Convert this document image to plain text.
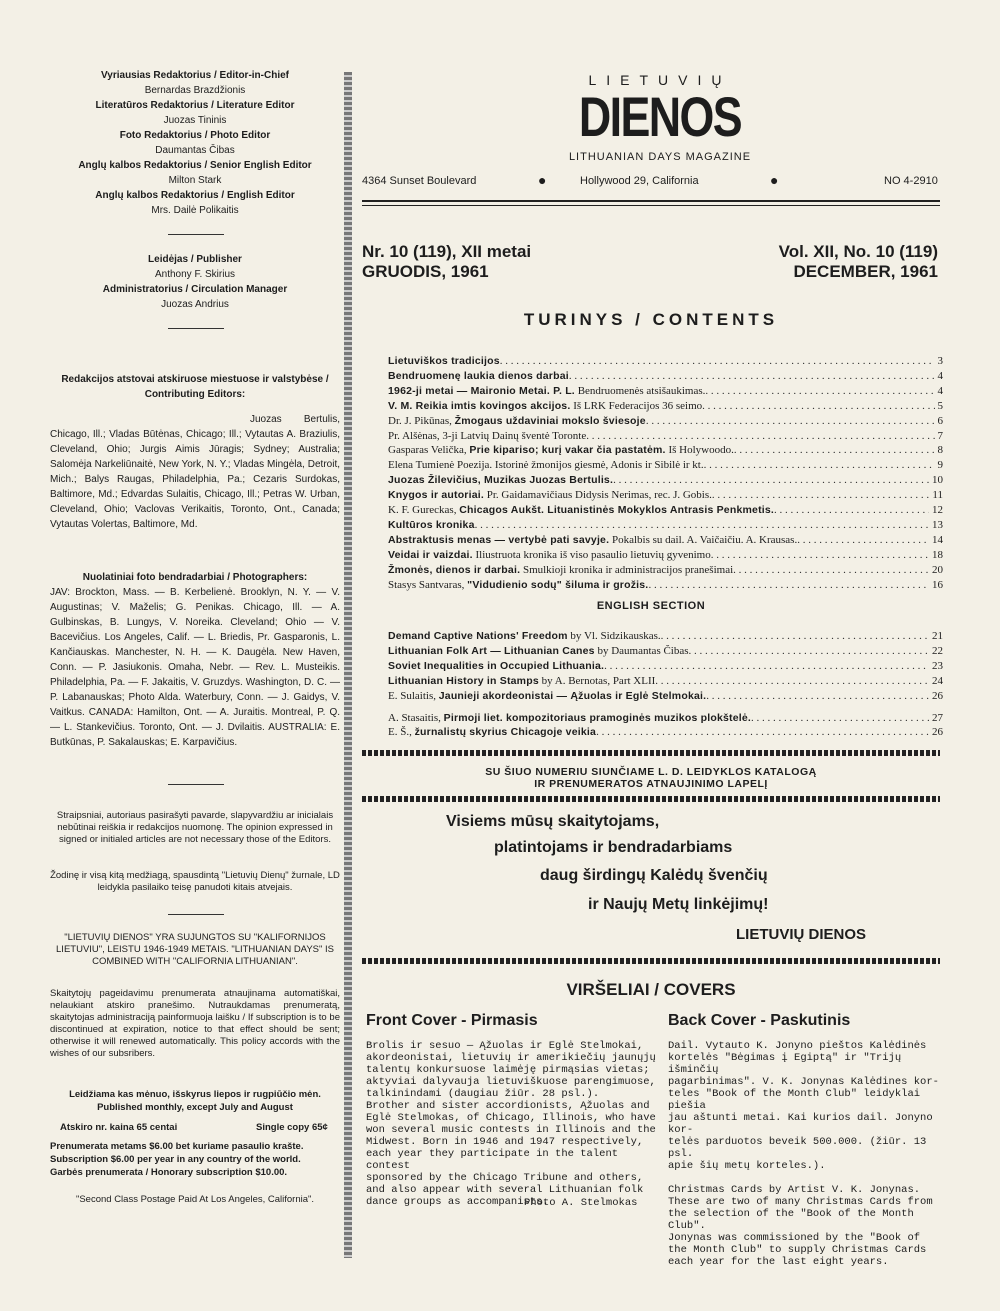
Vyriausias Redaktorius / Editor-in-Chief
Bernardas Brazdžionis
Literatūros Redaktorius / Literature Editor
Juozas Tininis
Foto Redaktorius / Photo Editor
Daumantas Čibas
Anglų kalbos Redaktorius / Senior English Editor
Milton Stark
Anglų kalbos Redaktorius / English Editor
Mrs. Dailė Polikaitis
Leidėjas / Publisher
Anthony F. Skirius
Administratorius / Circulation Manager
Juozas Andrius
Redakcijos atstovai atskiruose miestuose ir valstybėse / Contributing Editors:
Juozas Bertulis, Chicago, Ill.; Vladas Būtėnas, Chicago; Ill.; Vytautas A. Braziulis, Cleveland, Ohio; Jurgis Aimis Jūragis; Sydney; Australia; Salomėja Narkeliūnaitė, New York, N. Y.; Vladas Mingėla, Detroit, Mich.; Balys Raugas, Philadelphia, Pa.; Cezaris Surdokas, Baltimore, Md.; Edvardas Sulaitis, Chicago, Ill.; Petras W. Urban, Cleveland, Ohio; Vaclovas Verikaitis, Toronto, Ont., Canada; Vytautas Volertas, Baltimore, Md.
Nuolatiniai foto bendradarbiai / Photographers:
JAV: Brockton, Mass. — B. Kerbelienė. Brooklyn, N. Y. — V. Augustinas; V. Maželis; G. Penikas. Chicago, Ill. — A. Gulbinskas, B. Lungys, V. Noreika. Cleveland; Ohio — V. Bacevičius. Los Angeles, Calif. — L. Briedis, Pr. Gasparonis, L. Kančiauskas. Manchester, N. H. — K. Daugėla. New Haven, Conn. — P. Jasiukonis. Omaha, Nebr. — Rev. L. Musteikis. Philadelphia, Pa. — F. Jakaitis, V. Gruzdys. Washington, D. C. — P. Labanauskas; Photo Alda. Waterbury, Conn. — J. Gaidys, V. Vaitkus. CANADA: Hamilton, Ont. — A. Juraitis. Montreal, P. Q. — L. Stankevičius. Toronto, Ont. — J. Dvilaitis. AUSTRALIA: E. Butkūnas, P. Sakalauskas; E. Karpavičius.
Straipsniai, autoriaus pasirašyti pavarde, slapyvardžiu ar inicialais nebūtinai reiškia ir redakcijos nuomonę. The opinion expressed in signed or initialed articles are not necessary those of the Editors.
Žodinę ir visą kitą medžiagą, spausdintą "Lietuvių Dienų" žurnale, LD leidykla pasilaiko teisę panudoti kitais atvejais.
"LIETUVIŲ DIENOS" YRA SUJUNGTOS SU "KALIFORNIJOS LIETUVIU", LEISTU 1946-1949 METAIS. "LITHUANIAN DAYS" IS COMBINED WITH "CALIFORNIA LITHUANIAN".
Skaitytojų pageidavimu prenumerata atnaujinama automatiškai, nelaukiant atskiro pranešimo. Nutraukdamas prenumeratą, skaitytojas administraciją painformuoja laišku / If subscription is to be discontinued at expiration, notice to that effect should be sent; otherwise it will renewed automatically. This policy accords with the wishes of our subsribers.
Leidžiama kas mėnuo, išskyrus liepos ir rugpiūčio mėn.
Published monthly, except July and August
Atskiro nr. kaina 65 centai	Single copy 65¢
Prenumerata metams $6.00 bet kuriame pasaulio krašte.
Subscription $6.00 per year in any country of the world.
Garbės prenumerata / Honorary subscription $10.00.
"Second Class Postage Paid At Los Angeles, California".
LIETUVIŲ
DIENOS
LITHUANIAN DAYS MAGAZINE
4364 Sunset Boulevard	●	Hollywood 29, California	●	NO 4-2910
Nr. 10 (119), XII metai
GRUODIS, 1961
Vol. XII, No. 10 (119)
DECEMBER, 1961
TURINYS / CONTENTS
Lietuviškos tradicijos . . .	3
Bendruomenę laukia dienos darbai . . .	4
1962-ji metai — Maironio Metai. P. L. Bendruomenės atsišaukimas. . . .	4
V. M. Reikia imtis kovingos akcijos. Iš LRK Federacijos 36 seimo . . .	5
Dr. J. Pikūnas, Žmogaus uždaviniai mokslo šviesoje . . .	6
Pr. Alšėnas, 3-ji Latvių Dainų šventė Toronte . . .	7
Gasparas Velička, Prie kipariso; kurį vakar čia pastatėm. Iš Holywoodo. . . .	8
Elena Tumienė Poezija. Istorinė žmonijos giesmė, Adonis ir Sibilė ir kt. . . .	9
Juozas Žilevičius, Muzikas Juozas Bertulis. . . .	10
Knygos ir autoriai. Pr. Gaidamavičiaus Didysis Nerimas, rec. J. Gobis. . . .	11
K. F. Gureckas, Chicagos Aukšt. Lituanistinės Mokyklos Antrasis Penkmetis. . . .	12
Kultūros kronika . . .	13
Abstraktusis menas — vertybė pati savyje. Pokalbis su dail. A. Vaičaičiu. A. Krausas. . . .	14
Veidai ir vaizdai. Iliustruota kronika iš viso pasaulio lietuvių gyvenimo . . .	18
Žmonės, dienos ir darbai. Smulkioji kronika ir administracijos pranešimai . . .	20
Stasys Santvaras, "Vidudienio sodų" šiluma ir grožis. . . .	16
ENGLISH SECTION
Demand Captive Nations' Freedom by Vl. Sidzikauskas. . . .	21
Lithuanian Folk Art — Lithuanian Canes by Daumantas Čibas . . .	22
Soviet Inequalities in Occupied Lithuania. . . .	23
Lithuanian History in Stamps by A. Bernotas, Part XLII . . .	24
E. Sulaitis, Jaunieji akordeonistai — Ąžuolas ir Eglė Stelmokai. . . .	26
A. Stasaitis, Pirmoji liet. kompozitoriaus pramoginės muzikos plokštelė. . . .	27
E. Š., žurnalistų skyrius Chicagoje veikia . . .	26
SU ŠIUO NUMERIU SIUNČIAME L. D. LEIDYKLOS KATALOGĄ
IR PRENUMERATOS ATNAUJINIMO LAPELĮ
Visiems mūsų skaitytojams,
platintojams ir bendradarbiams
daug širdingų Kalėdų švenčių
ir Naujų Metų linkėjimų!
LIETUVIŲ DIENOS
VIRŠELIAI / COVERS
Front Cover - Pirmasis	Back Cover - Paskutinis
Brolis ir sesuo — Ąžuolas ir Eglė Stelmokai,
akordeonistai, lietuvių ir amerikiečių jaunųjų
talentų konkursuose laimėję pirmąsias vietas;
aktyviai dalyvauja lietuviškuose parengimuose,
talkinindami (daugiau žiūr. 28 psl.).
Brother and sister accordionists, Ąžuolas and
Eglė Stelmokas, of Chicago, Illinois, who have
won several music contests in Illinois and the
Midwest. Born in 1946 and 1947 respectively,
each year they participate in the talent contest
sponsored by the Chicago Tribune and others,
and also appear with several Lithuanian folk
dance groups as accompanists.
Photo A. Stelmokas
Dail. Vytauto K. Jonyno pieštos Kalėdinės
kortelės "Bėgimas į Egiptą" ir "Trijų išminčių
pagarbinimas". V. K. Jonynas Kalėdines kor-
teles "Book of the Month Club" leidyklai piešia
jau aštunti metai. Kai kurios dail. Jonyno kor-
telės parduotos beveik 500.000. (žiūr. 13 psl.
apie šių metų korteles.).

Christmas Cards by Artist V. K. Jonynas.
These are two of many Christmas Cards from
the selection of the "Book of the Month Club".
Jonynas was commissioned by the "Book of
the Month Club" to supply Christmas Cards
each year for the last eight years.
